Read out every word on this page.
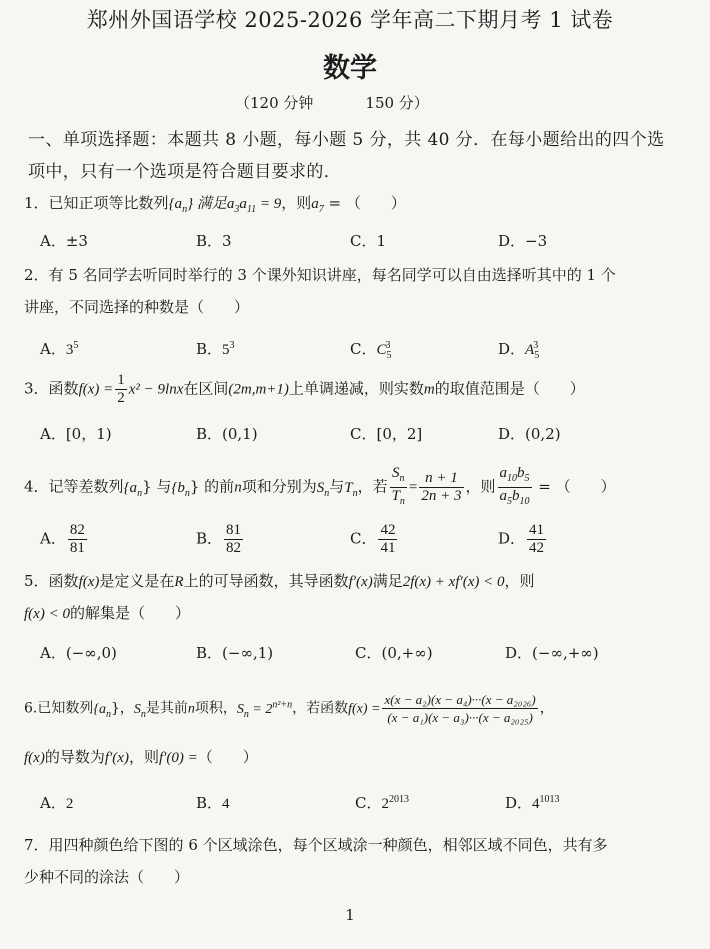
郑州外国语学校 2025-2026 学年高二下期月考 1 试卷
数学
（120 分钟	150 分）
一、单项选择题：本题共 8 小题，每小题 5 分，共 40 分．在每小题给出的四个选项中，只有一个选项是符合题目要求的．
1．已知正项等比数列$\{a_n\}$ 满足$a_3a_{11} = 9$，则$a_7$ = （　　）
A．±3	B．3	C．1	D．−3
2．有 5 名同学去听同时举行的 3 个课外知识讲座，每名同学可以自由选择听其中的 1 个
讲座，不同选择的种数是（　　）
A．$3^5$	B．$5^3$	C．$C_5^3$	D．$A_5^3$
3．函数$f(x) = \frac{1}{2} x^2 - 9\ln x$在区间(2m,m+1)上单调递减，则实数m的取值范围是（　　）
A．[0，1)	B．(0,1)	C．[0，2]	D．(0,2)
4．记等差数列$\{a_n\}$ 与$\{b_n\}$ 的前n项和分别为$S_n$与$T_n$，若 $\frac{S_n}{T_n} = \frac{n + 1}{2n + 3}$ ，则 $\frac{a_{10}b_5}{a_5b_{10}}$ = （　　）
A． $\frac{82}{81}$	B． $\frac{81}{82}$	C． $\frac{42}{41}$	D． $\frac{41}{42}$
5．函数f(x)是定义是在R上的可导函数，其导函数f′(x)满足2f(x) + xf′(x) < 0，则
f(x) < 0的解集是（　　）
A．(−∞,0)	B．(−∞,1)	C．(0,+∞)	D．(−∞,+∞)
6.已知数列$\{a_n\}$，$S_n$是其前n项积，$S_n = 2^{n^2+n}$，若函数$f(x) = \frac{\text{x(x − a₂)(x − a₄)···(x − a₂₀₂₆)}}{\text{(x − a₁)(x − a₃)···(x − a₂₀₂₅)}}$ ，
f(x)的导数为f′(x)，则f′(0) =（　　）
A．2	B．4	C．$2^{2013}$	D．$4^{1013}$
7．用四种颜色给下图的 6 个区域涂色，每个区域涂一种颜色，相邻区域不同色，共有多
少种不同的涂法（　　）
1
